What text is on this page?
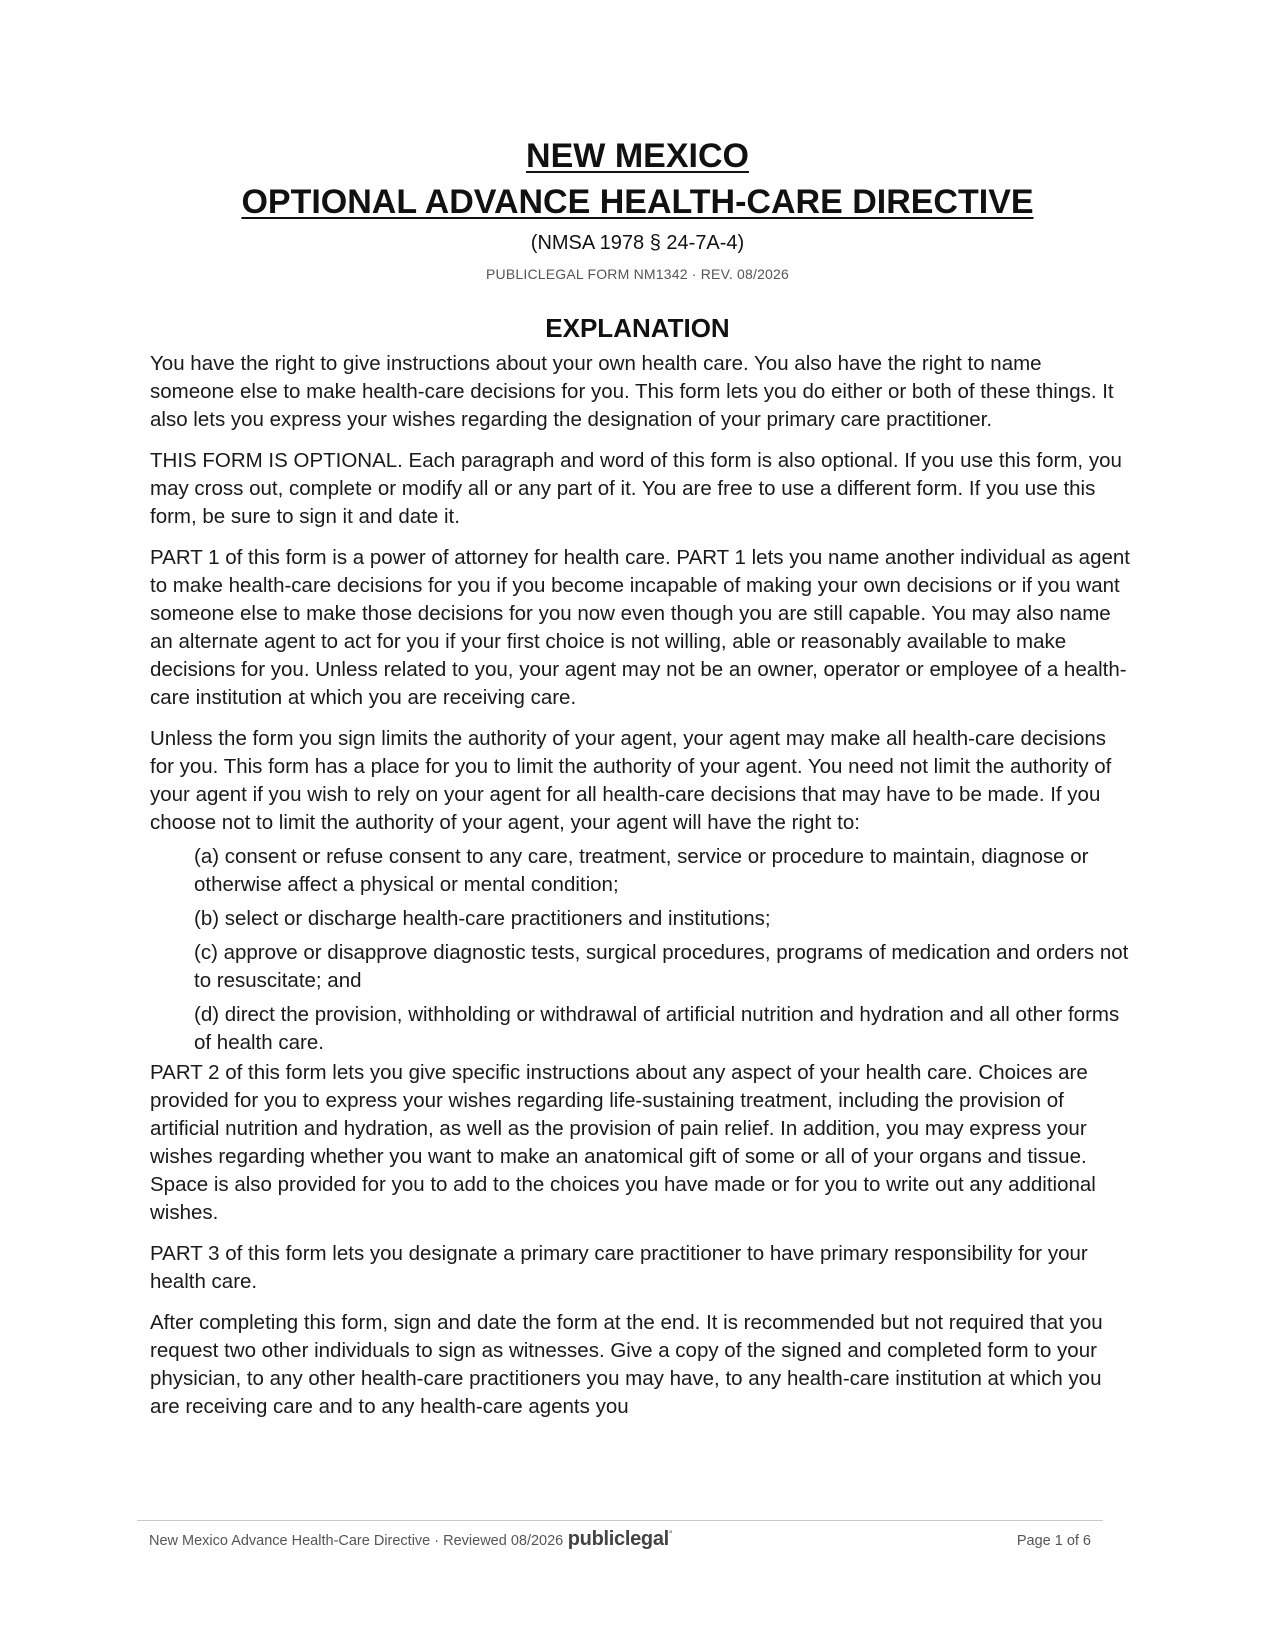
NEW MEXICO
OPTIONAL ADVANCE HEALTH-CARE DIRECTIVE
(NMSA 1978 § 24-7A-4)
PUBLICLEGAL FORM NM1342 · REV. 08/2026
EXPLANATION

You have the right to give instructions about your own health care. You also have the right to name someone else to make health-care decisions for you. This form lets you do either or both of these things. It also lets you express your wishes regarding the designation of your primary care practitioner.

THIS FORM IS OPTIONAL. Each paragraph and word of this form is also optional. If you use this form, you may cross out, complete or modify all or any part of it. You are free to use a different form. If you use this form, be sure to sign it and date it.

PART 1 of this form is a power of attorney for health care. PART 1 lets you name another individual as agent to make health-care decisions for you if you become incapable of making your own decisions or if you want someone else to make those decisions for you now even though you are still capable. You may also name an alternate agent to act for you if your first choice is not willing, able or reasonably available to make decisions for you. Unless related to you, your agent may not be an owner, operator or employee of a health-care institution at which you are receiving care.

Unless the form you sign limits the authority of your agent, your agent may make all health-care decisions for you. This form has a place for you to limit the authority of your agent. You need not limit the authority of your agent if you wish to rely on your agent for all health-care decisions that may have to be made. If you choose not to limit the authority of your agent, your agent will have the right to:

(a) consent or refuse consent to any care, treatment, service or procedure to maintain, diagnose or otherwise affect a physical or mental condition;
(b) select or discharge health-care practitioners and institutions;
(c) approve or disapprove diagnostic tests, surgical procedures, programs of medication and orders not to resuscitate; and
(d) direct the provision, withholding or withdrawal of artificial nutrition and hydration and all other forms of health care.

PART 2 of this form lets you give specific instructions about any aspect of your health care. Choices are provided for you to express your wishes regarding life-sustaining treatment, including the provision of artificial nutrition and hydration, as well as the provision of pain relief. In addition, you may express your wishes regarding whether you want to make an anatomical gift of some or all of your organs and tissue. Space is also provided for you to add to the choices you have made or for you to write out any additional wishes.

PART 3 of this form lets you designate a primary care practitioner to have primary responsibility for your health care.

After completing this form, sign and date the form at the end. It is recommended but not required that you request two other individuals to sign as witnesses. Give a copy of the signed and completed form to your physician, to any other health-care practitioners you may have, to any health-care institution at which you are receiving care and to any health-care agents you

New Mexico Advance Health-Care Directive · Reviewed 08/2026 publiclegal°	Page 1 of 6
